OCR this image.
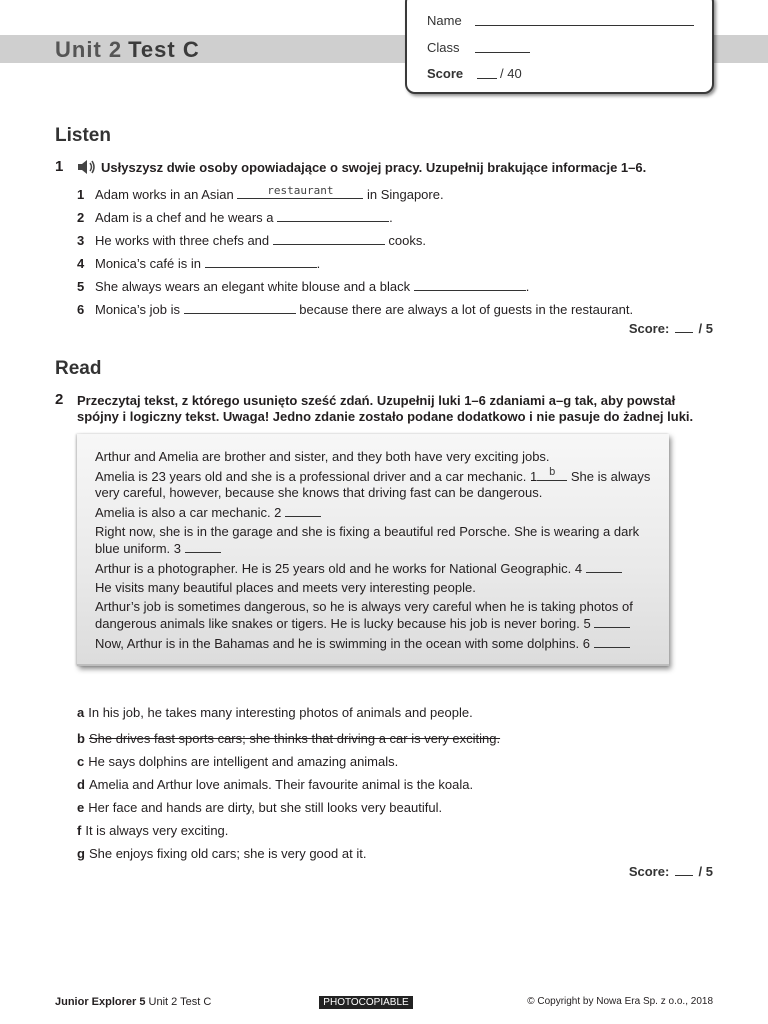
Unit 2 Test C
Name
Class
Score	/ 40
Listen
1	Usłyszysz dwie osoby opowiadające o swojej pracy. Uzupełnij brakujące informacje 1–6.
1 Adam works in an Asian	restaurant	in Singapore.
2 Adam is a chef and he wears a	.
3 He works with three chefs and	cooks.
4 Monica’s café is in	.
5 She always wears an elegant white blouse and a black	.
6 Monica’s job is	because there are always a lot of guests in the restaurant.
Score: / 5
Read
2 Przeczytaj tekst, z którego usunięto sześć zdań. Uzupełnij luki 1–6 zdaniami a–g tak, aby powstał
spójny i logiczny tekst. Uwaga! Jedno zdanie zostało podane dodatkowo i nie pasuje do żadnej luki.
Arthur and Amelia are brother and sister, and they both have very exciting jobs.
Amelia is 23 years old and she is a professional driver and a car mechanic. 1	b She is always
very careful, however, because she knows that driving fast can be dangerous.
Amelia is also a car mechanic. 2
Right now, she is in the garage and she is fixing a beautiful red Porsche. She is wearing a dark
blue uniform. 3
Arthur is a photographer. He is 25 years old and he works for National Geographic. 4
He visits many beautiful places and meets very interesting people.
Arthur’s job is sometimes dangerous, so he is always very careful when he is taking photos of
dangerous animals like snakes or tigers. He is lucky because his job is never boring. 5
Now, Arthur is in the Bahamas and he is swimming in the ocean with some dolphins. 6
a In his job, he takes many interesting photos of animals and people.
b She drives fast sports cars; she thinks that driving a car is very exciting.
c He says dolphins are intelligent and amazing animals.
d Amelia and Arthur love animals. Their favourite animal is the koala.
e Her face and hands are dirty, but she still looks very beautiful.
f It is always very exciting.
g She enjoys fixing old cars; she is very good at it.
Score: / 5
Junior Explorer 5 Unit 2 Test C	PHOTOCOPIABLE	© Copyright by Nowa Era Sp. z o.o., 2018
